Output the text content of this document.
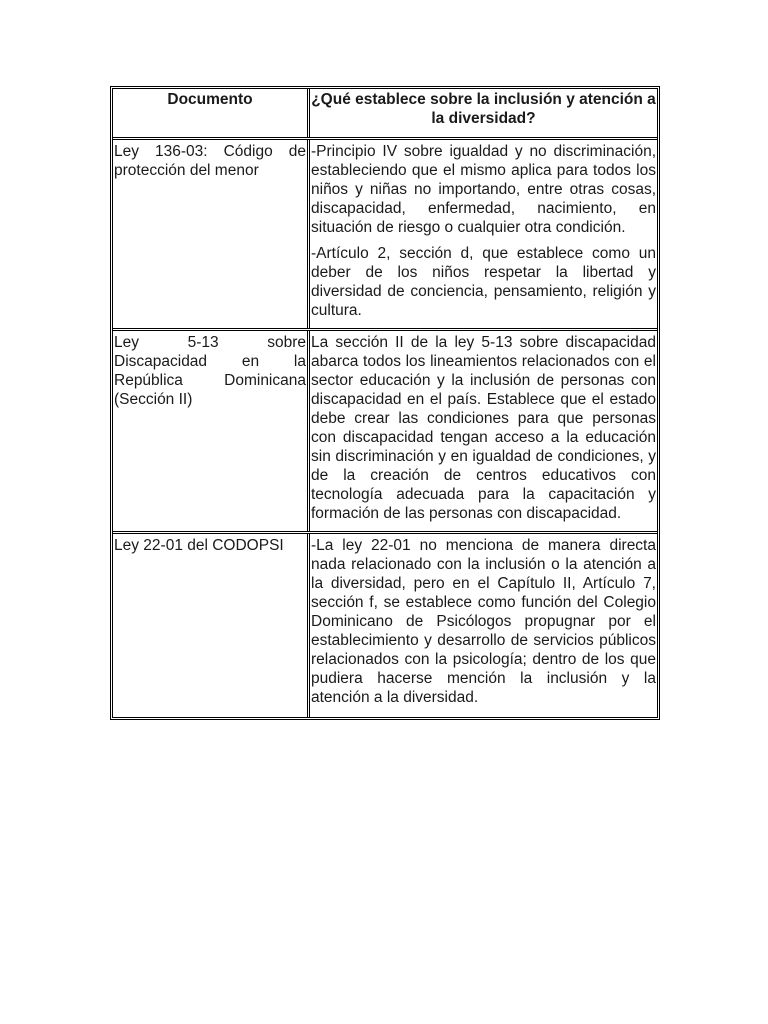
Documento	¿Qué establece sobre la inclusión y atención a la diversidad?

Ley 136-03: Código de protección del menor

-Principio IV sobre igualdad y no discriminación, estableciendo que el mismo aplica para todos los niños y niñas no importando, entre otras cosas, discapacidad, enfermedad, nacimiento, en situación de riesgo o cualquier otra condición.

-Artículo 2, sección d, que establece como un deber de los niños respetar la libertad y diversidad de conciencia, pensamiento, religión y cultura.

Ley 5-13 sobre Discapacidad en la República Dominicana (Sección II)

La sección II de la ley 5-13 sobre discapacidad abarca todos los lineamientos relacionados con el sector educación y la inclusión de personas con discapacidad en el país. Establece que el estado debe crear las condiciones para que personas con discapacidad tengan acceso a la educación sin discriminación y en igualdad de condiciones, y de la creación de centros educativos con tecnología adecuada para la capacitación y formación de las personas con discapacidad.

Ley 22-01 del CODOPSI	-La ley 22-01 no menciona de manera directa nada relacionado con la inclusión o la atención a la diversidad, pero en el Capítulo II, Artículo 7, sección f, se establece como función del Colegio Dominicano de Psicólogos propugnar por el establecimiento y desarrollo de servicios públicos relacionados con la psicología; dentro de los que pudiera hacerse mención la inclusión y la atención a la diversidad.
